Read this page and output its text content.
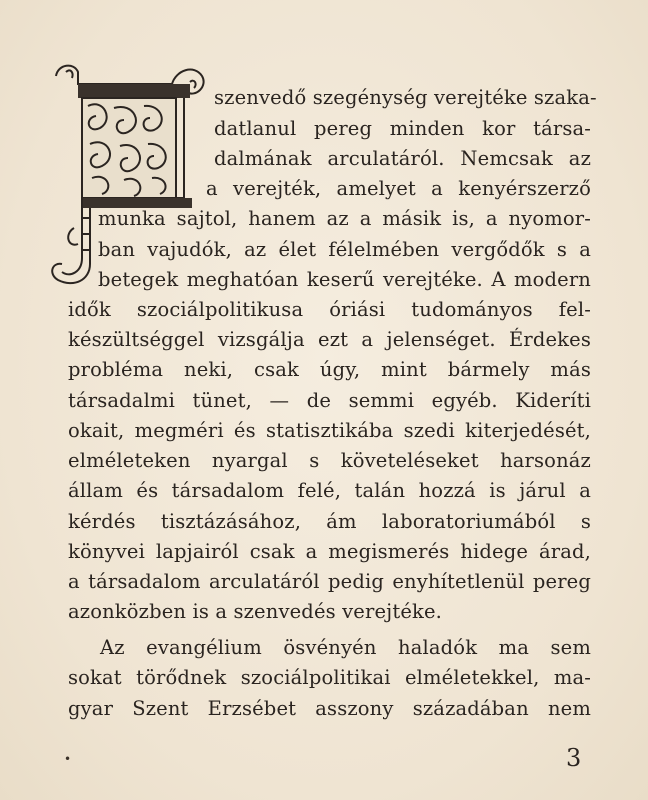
szenvedő szegénység verejtéke szaka-
datlanul pereg minden kor társa-
dalmának arculatáról. Nemcsak az
a verejték, amelyet a kenyérszerző
munka sajtol, hanem az a másik is, a nyomor-
ban vajudók, az élet félelmében vergődők s a
betegek meghatóan keserű verejtéke. A modern
idők szociálpolitikusa óriási tudományos fel-
készültséggel vizsgálja ezt a jelenséget. Érdekes
probléma neki, csak úgy, mint bármely más
társadalmi tünet, — de semmi egyéb. Kideríti
okait, megméri és statisztikába szedi kiterjedését,
elméleteken nyargal s követeléseket harsonáz
állam és társadalom felé, talán hozzá is járul a
kérdés tisztázásához, ám laboratoriumából s
könyvei lapjairól csak a megismerés hidege árad,
a társadalom arculatáról pedig enyhítetlenül pereg
azonközben is a szenvedés verejtéke.
Az evangélium ösvényén haladók ma sem
sokat törődnek szociálpolitikai elméletekkel, ma-
gyar Szent Erzsébet asszony századában nem
•	3
